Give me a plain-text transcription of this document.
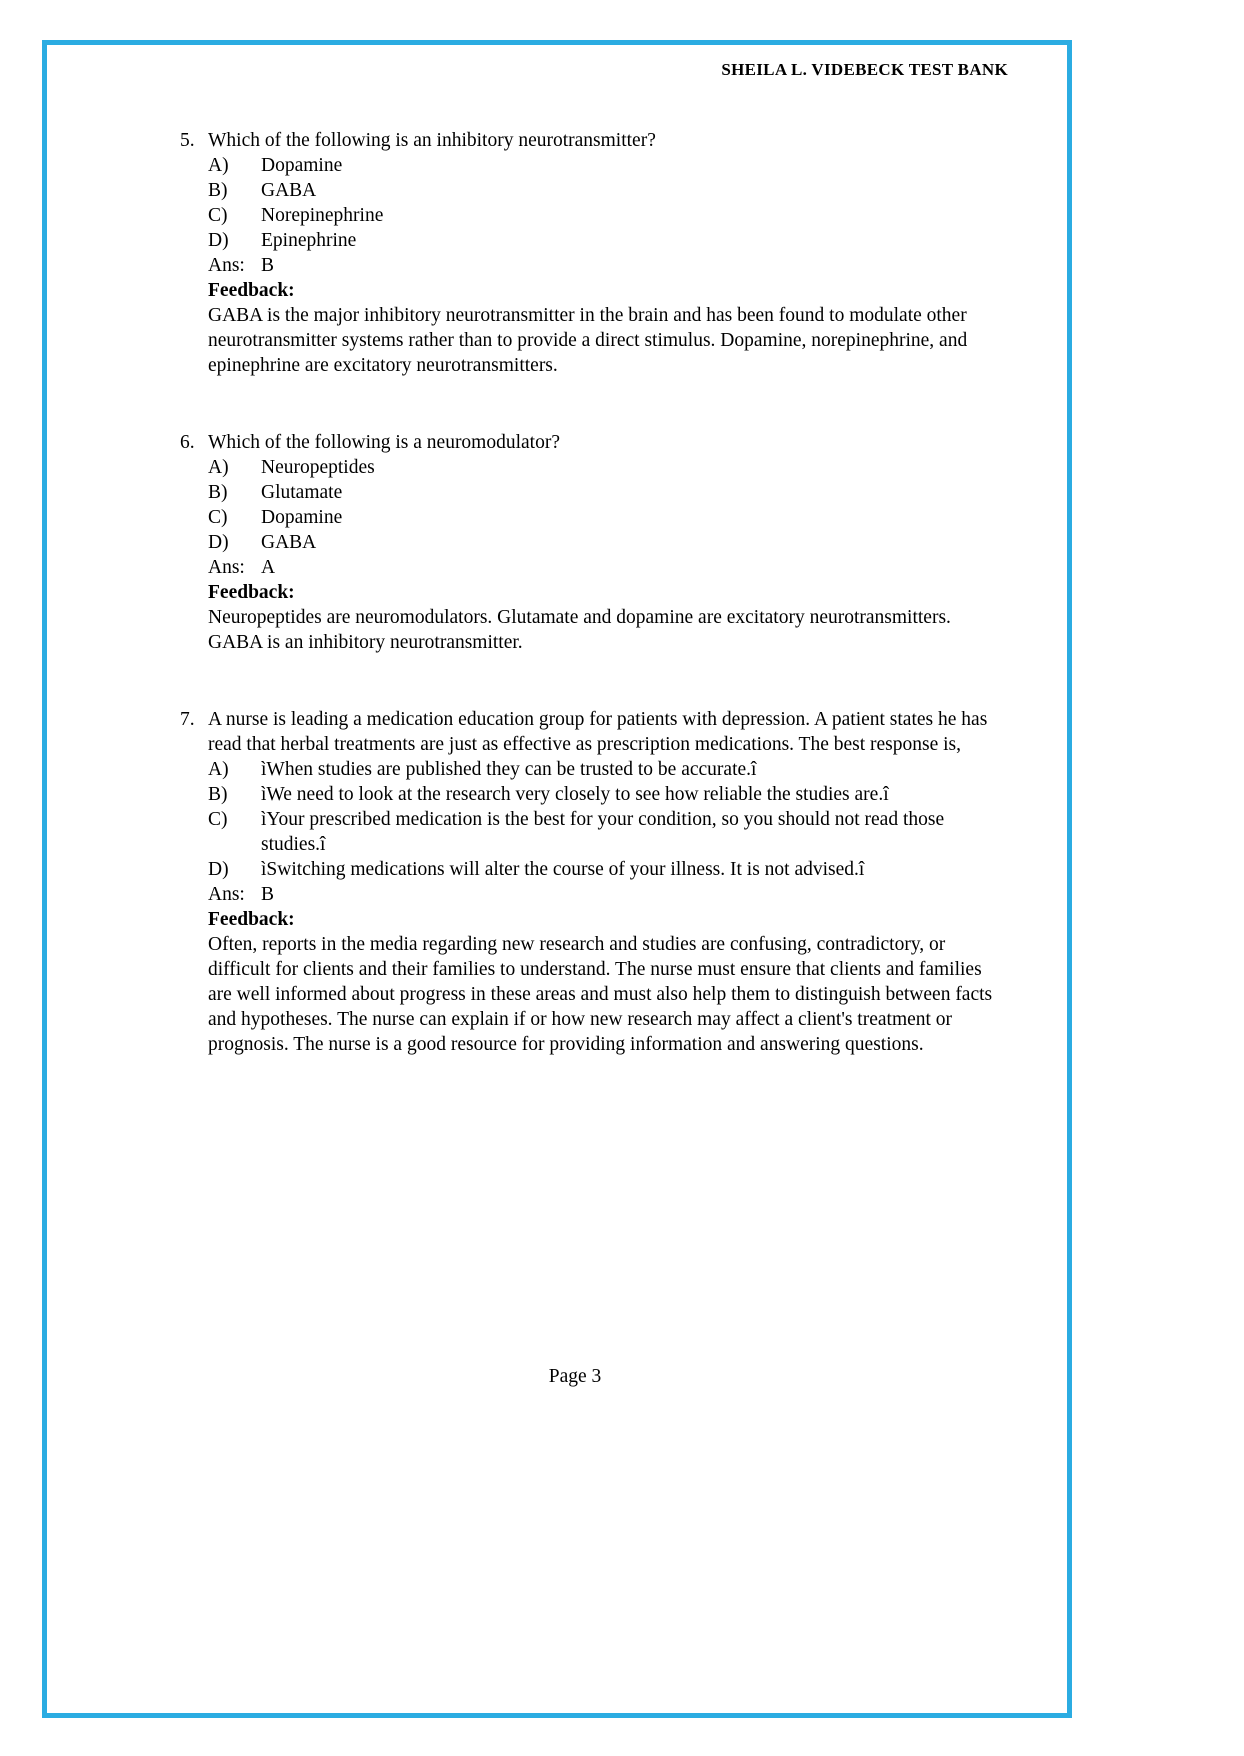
SHEILA L. VIDEBECK TEST BANK
5. Which of the following is an inhibitory neurotransmitter?
A)	Dopamine
B)	GABA
C)	Norepinephrine
D)	Epinephrine
Ans: B
Feedback:
GABA is the major inhibitory neurotransmitter in the brain and has been found to modulate other neurotransmitter systems rather than to provide a direct stimulus. Dopamine, norepinephrine, and epinephrine are excitatory neurotransmitters.
6. Which of the following is a neuromodulator?
A)	Neuropeptides
B)	Glutamate
C)	Dopamine
D)	GABA
Ans: A
Feedback:
Neuropeptides are neuromodulators. Glutamate and dopamine are excitatory neurotransmitters. GABA is an inhibitory neurotransmitter.
7. A nurse is leading a medication education group for patients with depression. A patient states he has read that herbal treatments are just as effective as prescription medications. The best response is,
A)	ìWhen studies are published they can be trusted to be accurate.î
B)	ìWe need to look at the research very closely to see how reliable the studies are.î
C)	ìYour prescribed medication is the best for your condition, so you should not read those studies.î
D)	ìSwitching medications will alter the course of your illness. It is not advised.î
Ans: B
Feedback:
Often, reports in the media regarding new research and studies are confusing, contradictory, or difficult for clients and their families to understand. The nurse must ensure that clients and families are well informed about progress in these areas and must also help them to distinguish between facts and hypotheses. The nurse can explain if or how new research may affect a client's treatment or prognosis. The nurse is a good resource for providing information and answering questions.
Page 3
